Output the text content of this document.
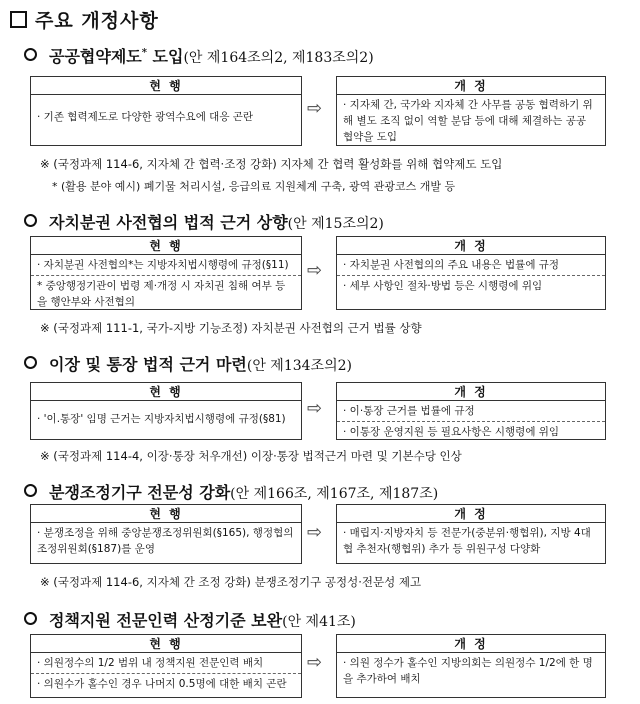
주요 개정사항
공공협약제도* 도입(안 제164조의2, 제183조의2)
현 행
· 기존 협력제도로 다양한 광역수요에 대응 곤란	⇨
개 정
· 지자체 간, 국가와 지자체 간 사무를 공동 협력하기 위해 별도 조직 없이 역할 분담 등에 대해 체결하는 공공 협약을 도입
※ (국정과제 114-6, 지자체 간 협력·조정 강화) 지자체 간 협력 활성화를 위해 협약제도 도입
* (활용 분야 예시) 폐기물 처리시설, 응급의료 지원체계 구축, 광역 관광코스 개발 등
자치분권 사전협의 법적 근거 상향(안 제15조의2)
현 행
· 자치분권 사전협의*는 지방자치법시행령에 규정(§11)
* 중앙행정기관이 법령 제·개정 시 자치권 침해 여부 등을 행안부와 사전협의
⇨
개 정
· 자치분권 사전협의의 주요 내용은 법률에 규정
· 세부 사항인 절차·방법 등은 시행령에 위임
※ (국정과제 111-1, 국가-지방 기능조정) 자치분권 사전협의 근거 법률 상향
이장 및 통장 법적 근거 마련(안 제134조의2)
현 행
· '이.통장' 임명 근거는 지방자치법시행령에 규정(§81)	⇨
개 정
· 이·통장 근거를 법률에 규정
· 이통장 운영지원 등 필요사항은 시행령에 위임
※ (국정과제 114-4, 이장·통장 처우개선) 이장·통장 법적근거 마련 및 기본수당 인상
분쟁조정기구 전문성 강화(안 제166조, 제167조, 제187조)
현 행
· 분쟁조정을 위해 중앙분쟁조정위원회(§165), 행정협의조정위원회(§187)를 운영
⇨
개 정
· 매립지·지방자치 등 전문가(중분위·행협위), 지방 4대협 추천자(행협위) 추가 등 위원구성 다양화
※ (국정과제 114-6, 지자체 간 조정 강화) 분쟁조정기구 공정성·전문성 제고
정책지원 전문인력 산정기준 보완(안 제41조)
현 행
· 의원정수의 1/2 범위 내 정책지원 전문인력 배치
· 의원수가 홀수인 경우 나머지 0.5명에 대한 배치 곤란
⇨
개 정
· 의원 정수가 홀수인 지방의회는 의원정수 1/2에 한 명을 추가하여 배치
